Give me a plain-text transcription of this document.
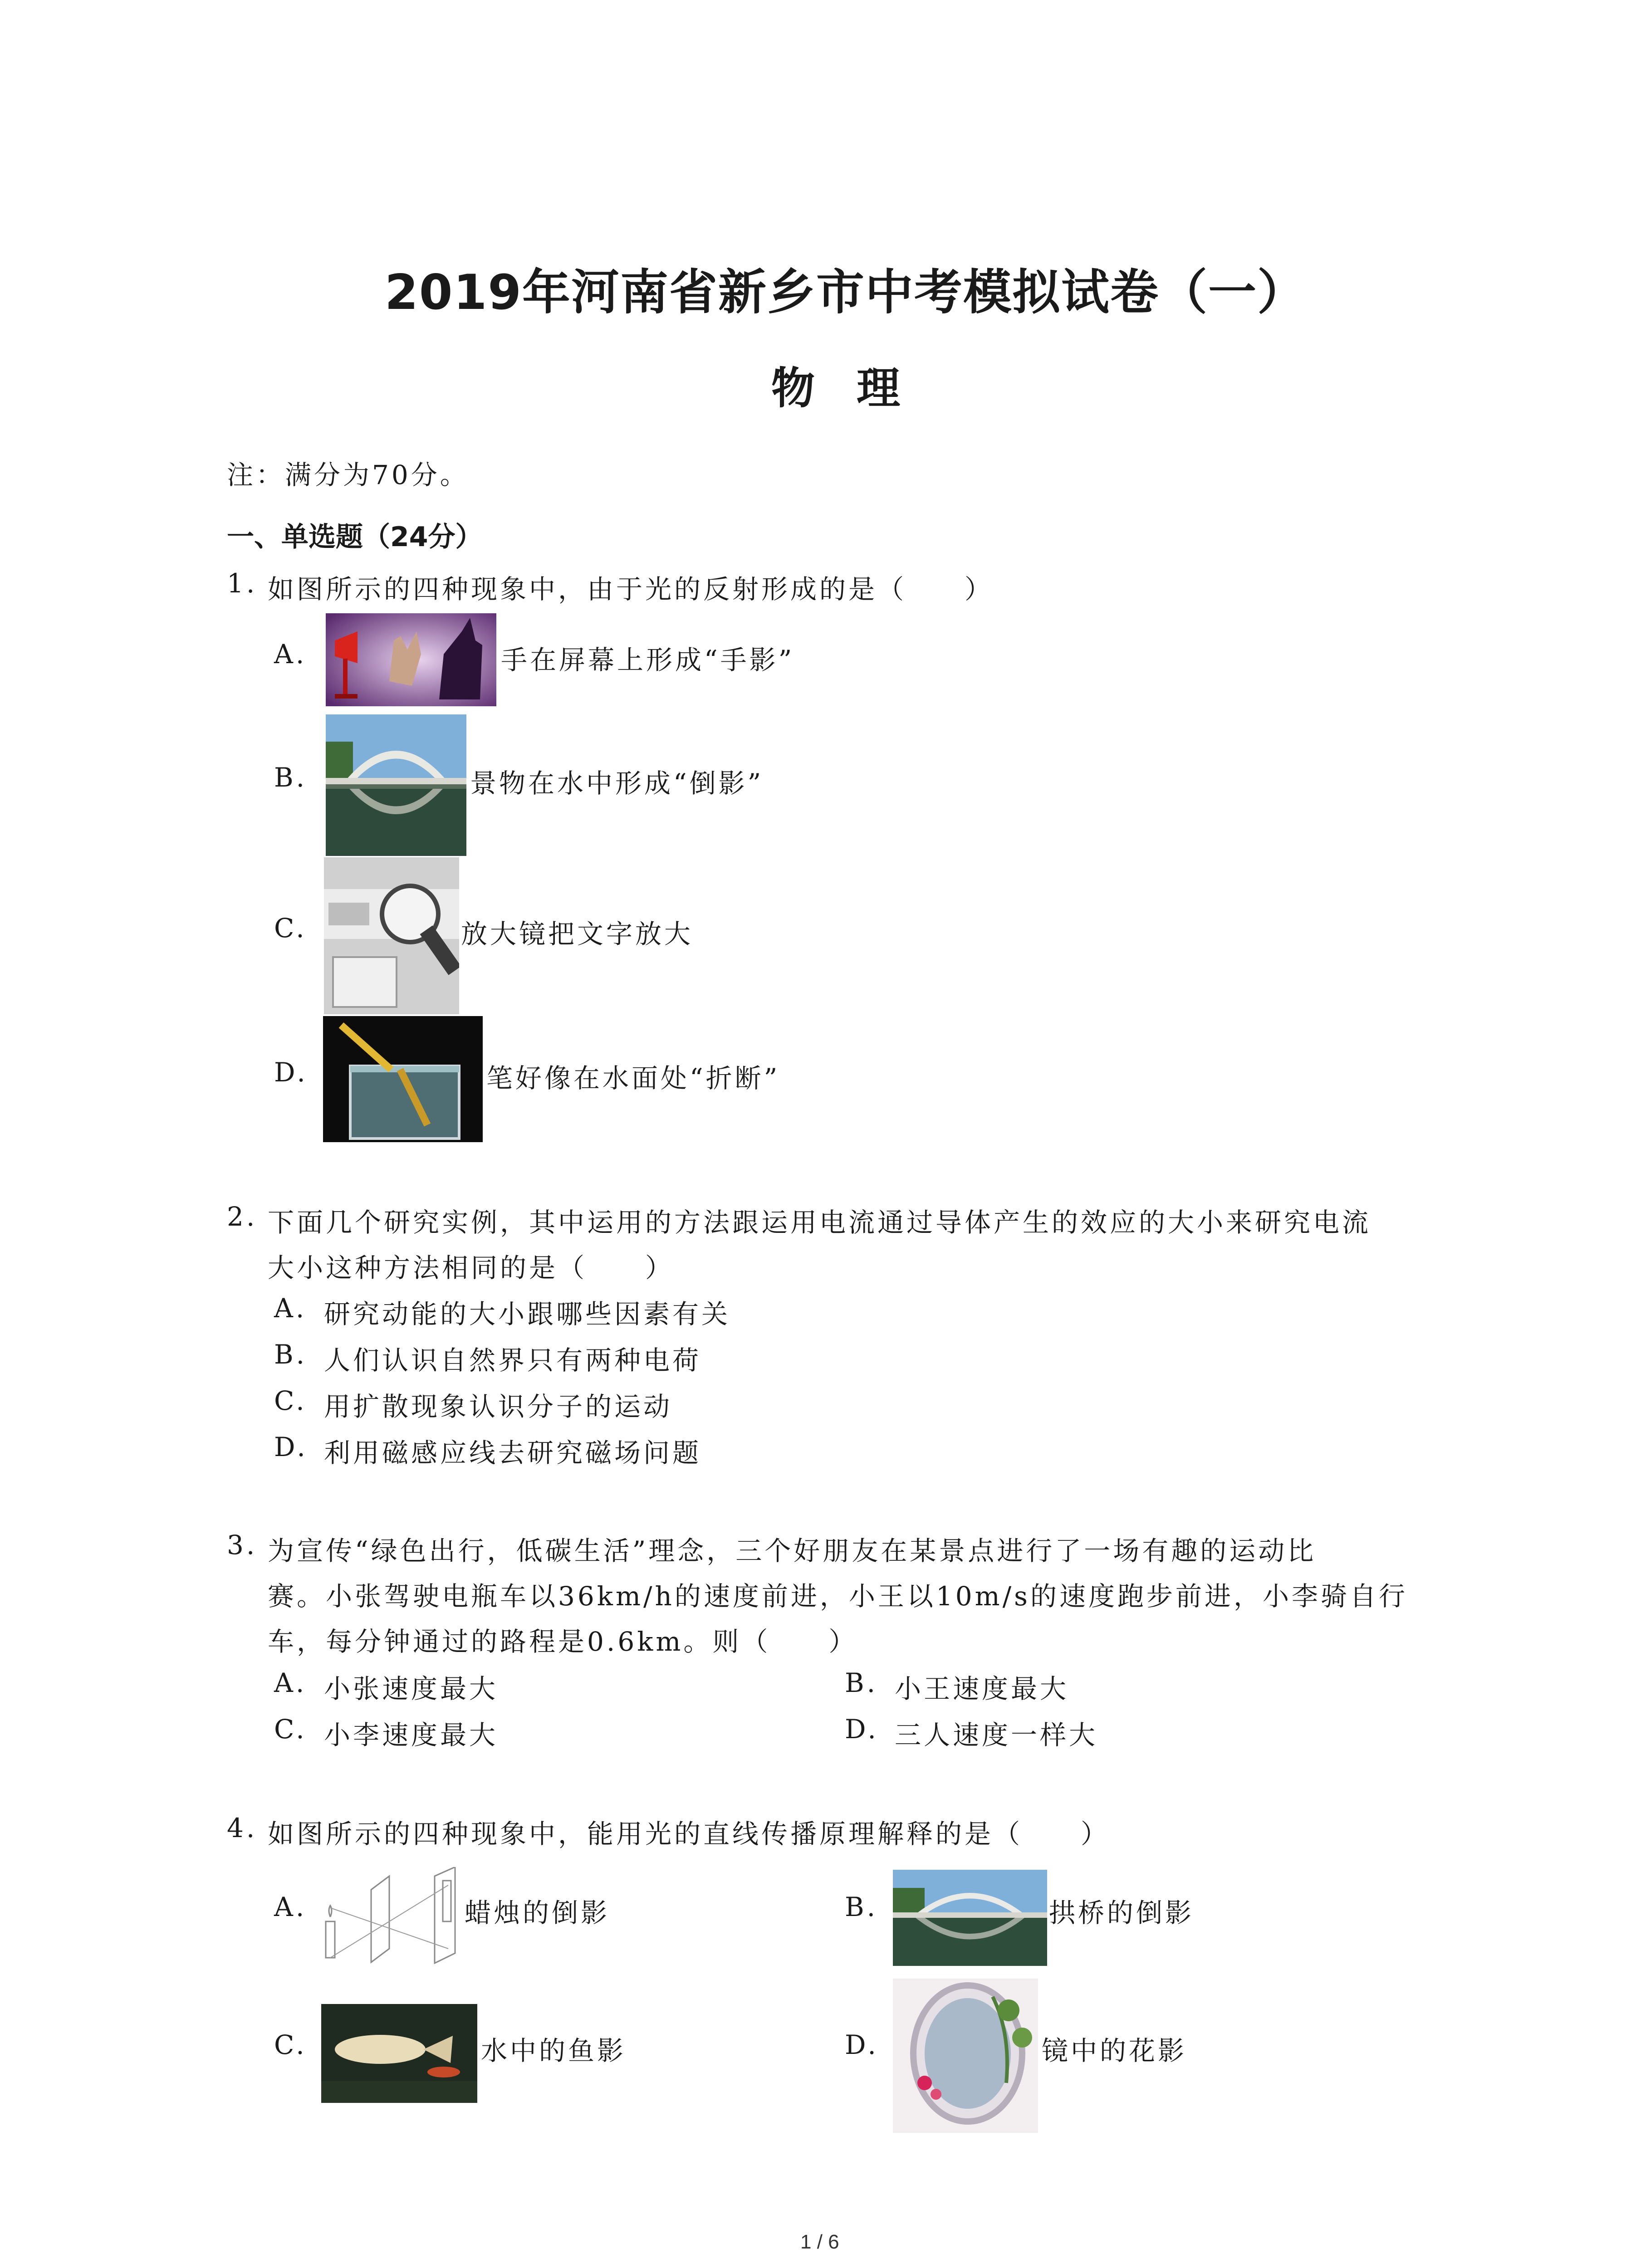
2019年河南省新乡市中考模拟试卷（一）
物理
注：满分为70分。
一、单选题（24分）
1. 如图所示的四种现象中，由于光的反射形成的是（　　）
A.	手在屏幕上形成“手影”
B.	景物在水中形成“倒影”
C.	放大镜把文字放大
D.	笔好像在水面处“折断”
2. 下面几个研究实例，其中运用的方法跟运用电流通过导体产生的效应的大小来研究电流
大小这种方法相同的是（　　）
A. 研究动能的大小跟哪些因素有关
B. 人们认识自然界只有两种电荷
C. 用扩散现象认识分子的运动
D. 利用磁感应线去研究磁场问题
3. 为宣传“绿色出行，低碳生活”理念，三个好朋友在某景点进行了一场有趣的运动比
赛。小张驾驶电瓶车以36km/h的速度前进，小王以10m/s的速度跑步前进，小李骑自行
车，每分钟通过的路程是0.6km。则（　　）
A. 小张速度最大	B. 小王速度最大
C. 小李速度最大	D. 三人速度一样大
4. 如图所示的四种现象中，能用光的直线传播原理解释的是（　　）
A.	蜡烛的倒影	B.	拱桥的倒影
C.	水中的鱼影	D.	镜中的花影
1 / 6
